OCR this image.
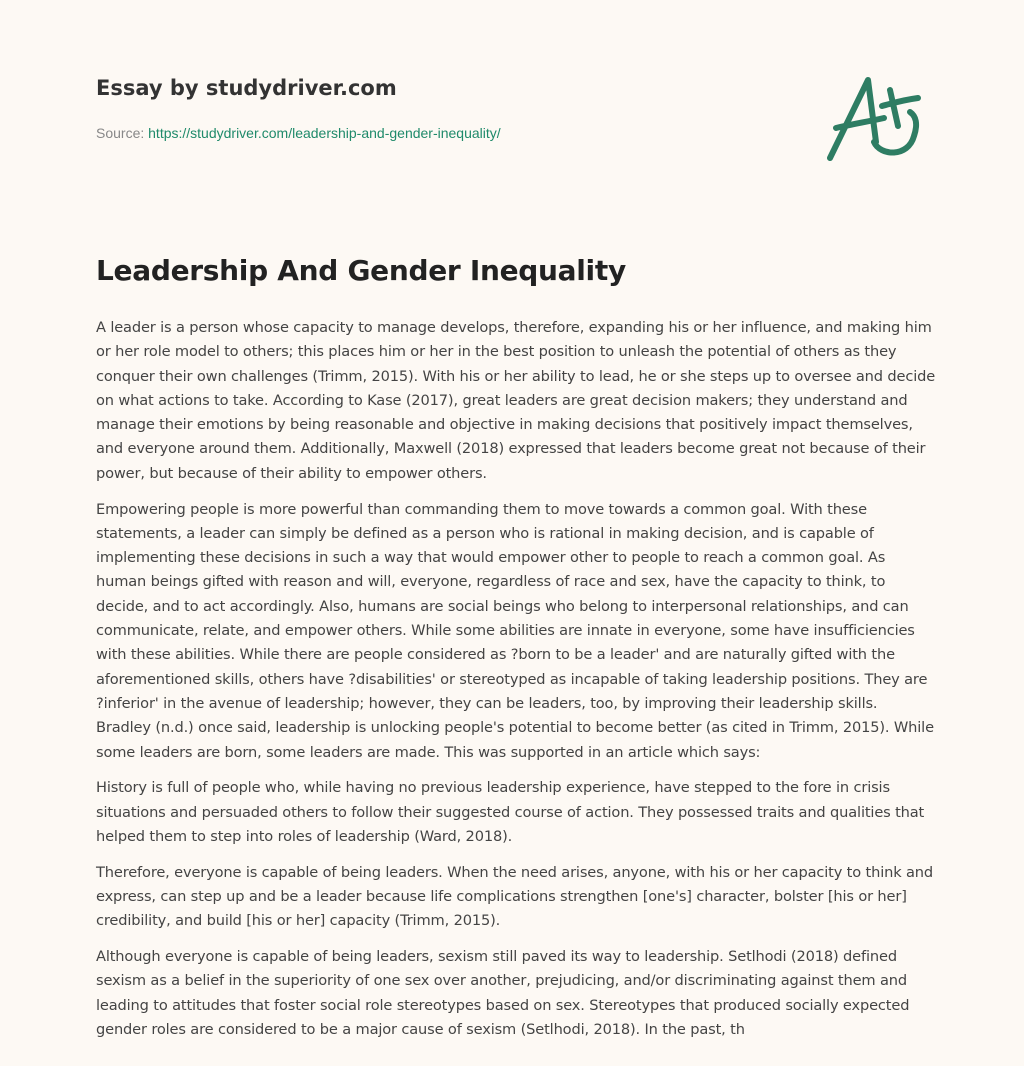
Essay by studydriver.com
Source: https://studydriver.com/leadership-and-gender-inequality/
Leadership And Gender Inequality

A leader is a person whose capacity to manage develops, therefore, expanding his or her influence, and making him or her role model to others; this places him or her in the best position to unleash the potential of others as they conquer their own challenges (Trimm, 2015). With his or her ability to lead, he or she steps up to oversee and decide on what actions to take. According to Kase (2017), great leaders are great decision makers; they understand and manage their emotions by being reasonable and objective in making decisions that positively impact themselves, and everyone around them. Additionally, Maxwell (2018) expressed that leaders become great not because of their power, but because of their ability to empower others.

Empowering people is more powerful than commanding them to move towards a common goal. With these statements, a leader can simply be defined as a person who is rational in making decision, and is capable of implementing these decisions in such a way that would empower other to people to reach a common goal. As human beings gifted with reason and will, everyone, regardless of race and sex, have the capacity to think, to decide, and to act accordingly. Also, humans are social beings who belong to interpersonal relationships, and can communicate, relate, and empower others. While some abilities are innate in everyone, some have insufficiencies with these abilities. While there are people considered as ?born to be a leader' and are naturally gifted with the aforementioned skills, others have ?disabilities' or stereotyped as incapable of taking leadership positions. They are ?inferior' in the avenue of leadership; however, they can be leaders, too, by improving their leadership skills. Bradley (n.d.) once said, leadership is unlocking people's potential to become better (as cited in Trimm, 2015). While some leaders are born, some leaders are made. This was supported in an article which says:

History is full of people who, while having no previous leadership experience, have stepped to the fore in crisis situations and persuaded others to follow their suggested course of action. They possessed traits and qualities that helped them to step into roles of leadership (Ward, 2018).

Therefore, everyone is capable of being leaders. When the need arises, anyone, with his or her capacity to think and express, can step up and be a leader because life complications strengthen [one's] character, bolster [his or her] credibility, and build [his or her] capacity (Trimm, 2015).

Although everyone is capable of being leaders, sexism still paved its way to leadership. Setlhodi (2018) defined sexism as a belief in the superiority of one sex over another, prejudicing, and/or discriminating against them and leading to attitudes that foster social role stereotypes based on sex. Stereotypes that produced socially expected gender roles are considered to be a major cause of sexism (Setlhodi, 2018). In the past, th
